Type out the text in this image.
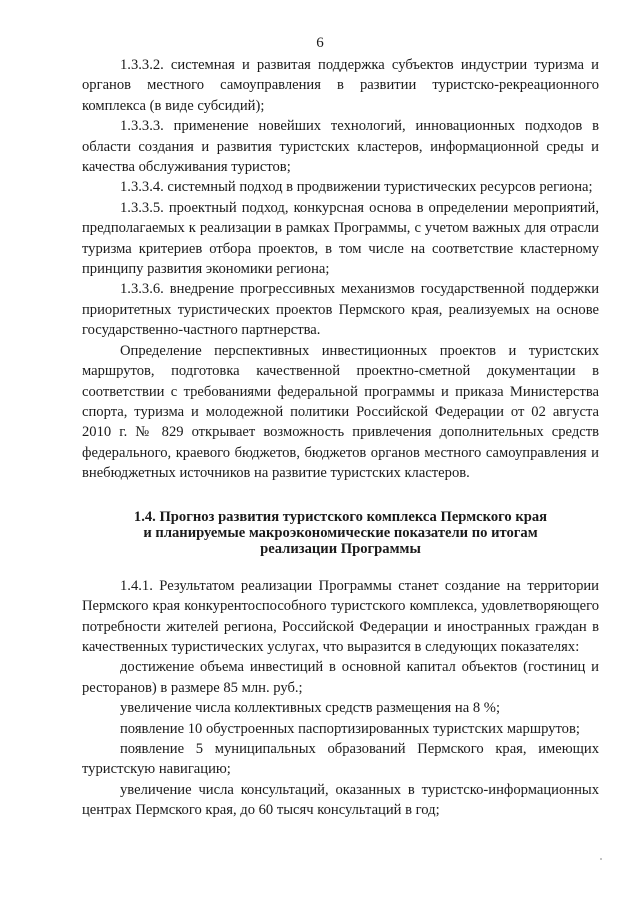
6

1.3.3.2. системная и развитая поддержка субъектов индустрии туризма и органов местного самоуправления в развитии туристско-рекреационного комплекса (в виде субсидий);

1.3.3.3. применение новейших технологий, инновационных подходов в области создания и развития туристских кластеров, информационной среды и качества обслуживания туристов;

1.3.3.4. системный подход в продвижении туристических ресурсов региона;

1.3.3.5. проектный подход, конкурсная основа в определении мероприятий, предполагаемых к реализации в рамках Программы, с учетом важных для отрасли туризма критериев отбора проектов, в том числе на соответствие кластерному принципу развития экономики региона;

1.3.3.6. внедрение прогрессивных механизмов государственной поддержки приоритетных туристических проектов Пермского края, реализуемых на основе государственно-частного партнерства.

Определение перспективных инвестиционных проектов и туристских маршрутов, подготовка качественной проектно-сметной документации в соответствии с требованиями федеральной программы и приказа Министерства спорта, туризма и молодежной политики Российской Федерации от 02 августа 2010 г. № 829 открывает возможность привлечения дополнительных средств федерального, краевого бюджетов, бюджетов органов местного самоуправления и внебюджетных источников на развитие туристских кластеров.

1.4. Прогноз развития туристского комплекса Пермского края
и планируемые макроэкономические показатели по итогам
реализации Программы

1.4.1. Результатом реализации Программы станет создание на территории Пермского края конкурентоспособного туристского комплекса, удовлетворяющего потребности жителей региона, Российской Федерации и иностранных граждан в качественных туристических услугах, что выразится в следующих показателях:

достижение объема инвестиций в основной капитал объектов (гостиниц и ресторанов) в размере 85 млн. руб.;

увеличение числа коллективных средств размещения на 8 %;

появление 10 обустроенных паспортизированных туристских маршрутов;

появление 5 муниципальных образований Пермского края, имеющих туристскую навигацию;

увеличение числа консультаций, оказанных в туристско-информационных центрах Пермского края, до 60 тысяч консультаций в год;
